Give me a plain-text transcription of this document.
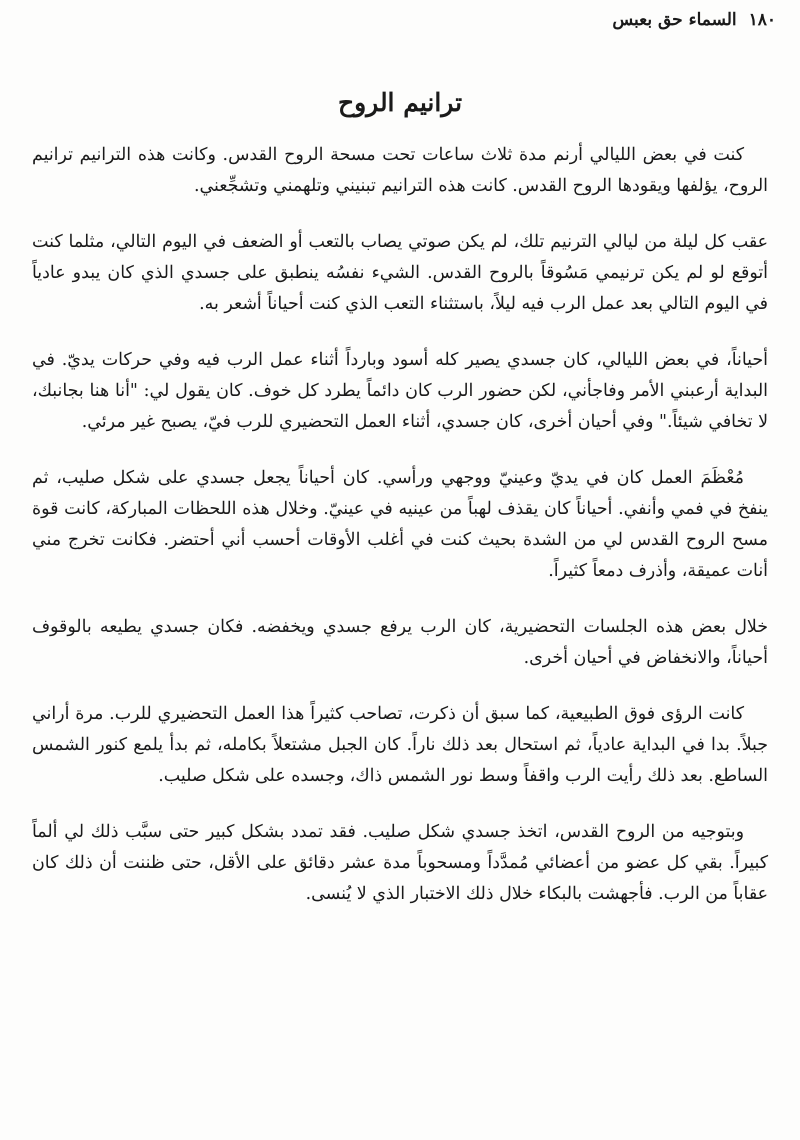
١٨٠ السماء حق بعبس
ترانيم الروح

كنت في بعض الليالي أرنم مدة ثلاث ساعات تحت مسحة الروح القدس. وكانت هذه الترانيم ترانيم الروح، يؤلفها ويقودها الروح القدس. كانت هذه الترانيم تبنيني وتلهمني وتشجِّعني.

عقب كل ليلة من ليالي الترنيم تلك، لم يكن صوتي يصاب بالتعب أو الضعف في اليوم التالي، مثلما كنت أتوقع لو لم يكن ترنيمي مَسُوقاً بالروح القدس. الشيء نفسُه ينطبق على جسدي الذي كان يبدو عادياً في اليوم التالي بعد عمل الرب فيه ليلاً، باستثناء التعب الذي كنت أحياناً أشعر به.

أحياناً، في بعض الليالي، كان جسدي يصير كله أسود وبارداً أثناء عمل الرب فيه وفي حركات يديّ. في البداية أرعبني الأمر وفاجأني، لكن حضور الرب كان دائماً يطرد كل خوف. كان يقول لي: "أنا هنا بجانبك، لا تخافي شيئاً." وفي أحيان أخرى، كان جسدي، أثناء العمل التحضيري للرب فيّ، يصبح غير مرئي.

مُعْظَمَ العمل كان في يديّ وعينيّ ووجهي ورأسي. كان أحياناً يجعل جسدي على شكل صليب، ثم ينفخ في فمي وأنفي. أحياناً كان يقذف لهباً من عينيه في عينيّ. وخلال هذه اللحظات المباركة، كانت قوة مسح الروح القدس لي من الشدة بحيث كنت في أغلب الأوقات أحسب أني أحتضر. فكانت تخرج مني أنات عميقة، وأذرف دمعاً كثيراً.

خلال بعض هذه الجلسات التحضيرية، كان الرب يرفع جسدي ويخفضه. فكان جسدي يطيعه بالوقوف أحياناً، والانخفاض في أحيان أخرى.

كانت الرؤى فوق الطبيعية، كما سبق أن ذكرت، تصاحب كثيراً هذا العمل التحضيري للرب. مرة أراني جبلاً. بدا في البداية عادياً، ثم استحال بعد ذلك ناراً. كان الجبل مشتعلاً بكامله، ثم بدأ يلمع كنور الشمس الساطع. بعد ذلك رأيت الرب واقفاً وسط نور الشمس ذاك، وجسده على شكل صليب.

وبتوجيه من الروح القدس، اتخذ جسدي شكل صليب. فقد تمدد بشكل كبير حتى سبَّب ذلك لي ألماً كبيراً. بقي كل عضو من أعضائي مُمدَّداً ومسحوباً مدة عشر دقائق على الأقل، حتى ظننت أن ذلك كان عقاباً من الرب. فأجهشت بالبكاء خلال ذلك الاختبار الذي لا يُنسى.
